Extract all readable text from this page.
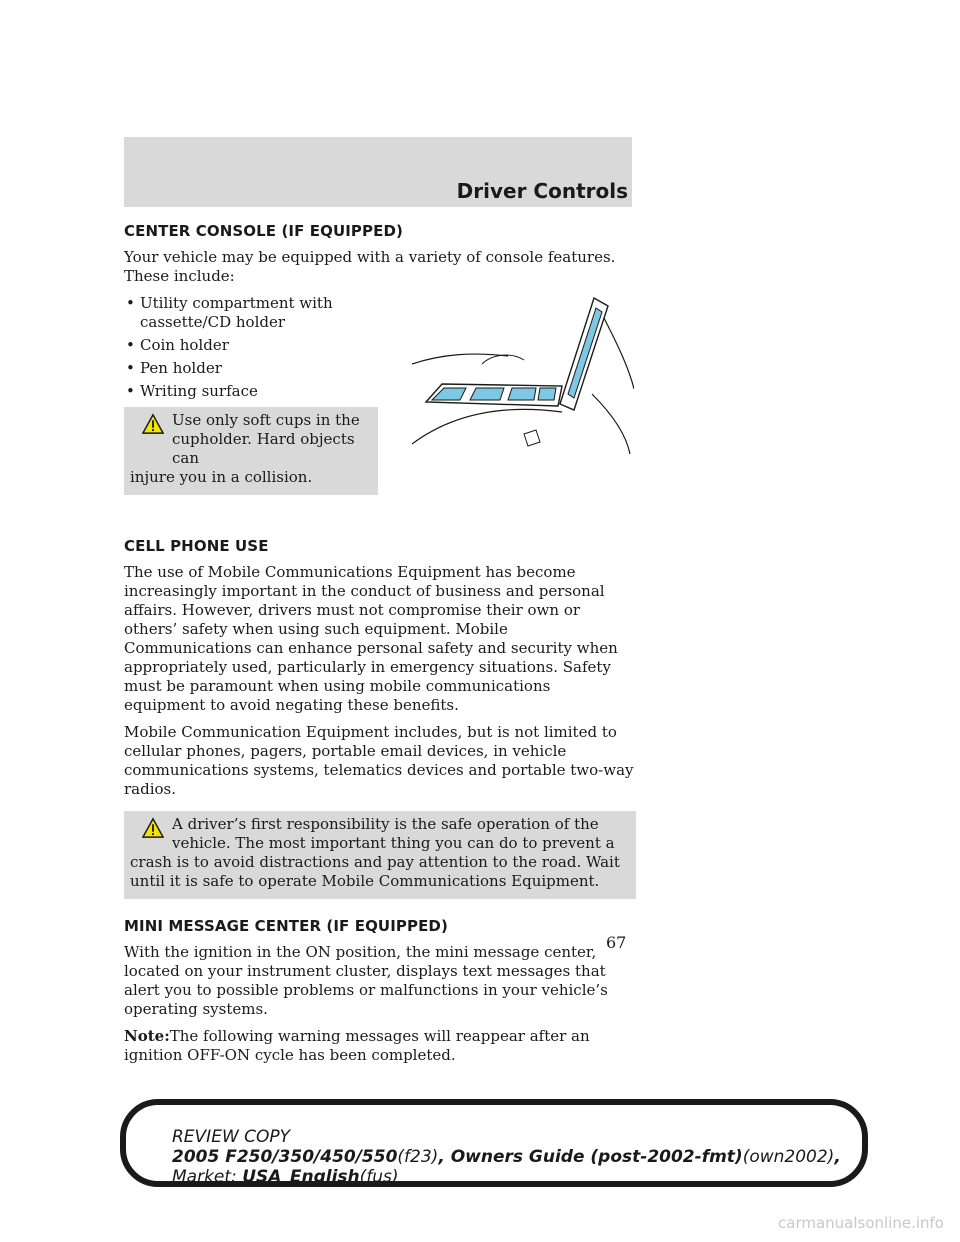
Driver Controls
CENTER CONSOLE (IF EQUIPPED)

Your vehicle may be equipped with a variety of console features. These include:

• Utility compartment with
cassette/CD holder
• Coin holder
• Pen holder
• Writing surface
Use only soft cups in the
cupholder. Hard objects can
injure you in a collision.
CELL PHONE USE

The use of Mobile Communications Equipment has become increasingly important in the conduct of business and personal affairs. However, drivers must not compromise their own or others’ safety when using such equipment. Mobile Communications can enhance personal safety and security when appropriately used, particularly in emergency situations. Safety must be paramount when using mobile communications equipment to avoid negating these benefits.

Mobile Communication Equipment includes, but is not limited to cellular phones, pagers, portable email devices, in vehicle communications systems, telematics devices and portable two-way radios.

A driver’s first responsibility is the safe operation of the vehicle. The most important thing you can do to prevent a crash is to avoid distractions and pay attention to the road. Wait until it is safe to operate Mobile Communications Equipment.
MINI MESSAGE CENTER (IF EQUIPPED)

With the ignition in the ON position, the mini message center, located on your instrument cluster, displays text messages that alert you to possible problems or malfunctions in your vehicle’s operating systems.

Note:The following warning messages will reappear after an ignition OFF-ON cycle has been completed.

67
REVIEW COPY
2005 F250/350/450/550(f23), Owners Guide (post-2002-fmt)(own2002),
Market: USA_English(fus)
carmanualsonline.info
